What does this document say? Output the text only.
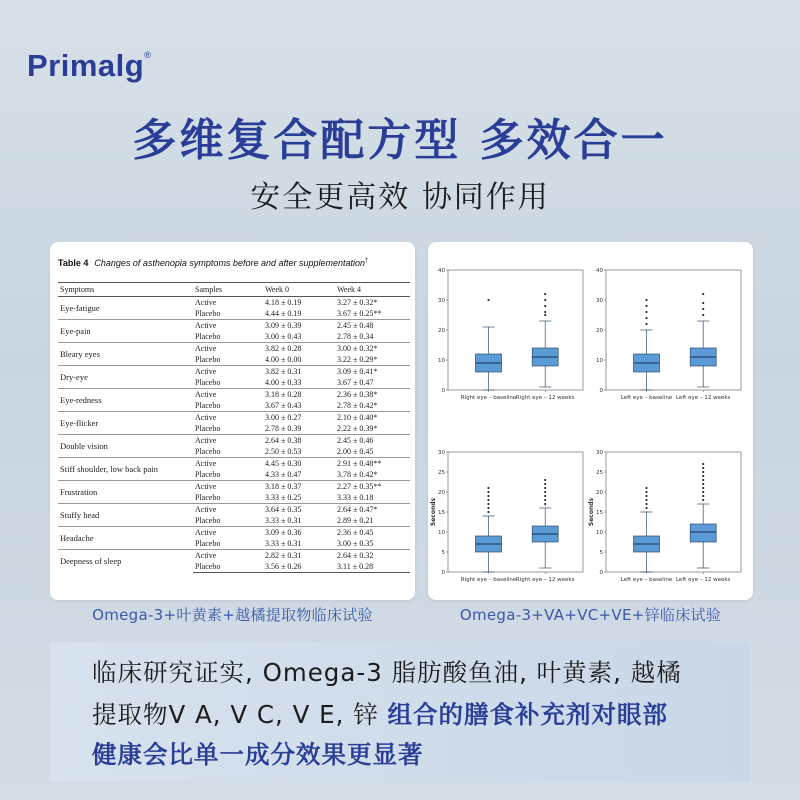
Primalg®
多维复合配方型 多效合一
安全更高效 协同作用
Table 4 Changes of asthenopia symptoms before and after supplementation†
Symptoms	Samples	Week 0	Week 4
Eye-fatigue	Active	4.18 ± 0.19	3.27 ± 0.32*
	Placebo	4.44 ± 0.19	3.67 ± 0.25**
Eye-pain	Active	3.09 ± 0.39	2.45 ± 0.48
	Placebo	3.00 ± 0.43	2.78 ± 0.34
Bleary eyes	Active	3.82 ± 0.28	3.00 ± 0.32*
	Placebo	4.00 ± 0.00	3.22 ± 0.29*
Dry-eye	Active	3.82 ± 0.31	3.09 ± 0.41*
	Placebo	4.00 ± 0.33	3.67 ± 0.47
Eye-redness	Active	3.18 ± 0.28	2.36 ± 0.38*
	Placebo	3.67 ± 0.43	2.78 ± 0.42*
Eye-flicker	Active	3.00 ± 0.27	2.10 ± 0.40*
	Placebo	2.78 ± 0.39	2.22 ± 0.39*
Double vision	Active	2.64 ± 0.38	2.45 ± 0.46
	Placebo	2.50 ± 0.53	2.00 ± 0.45
Stiff shoulder, low back pain	Active	4.45 ± 0.30	2.91 ± 0.48**
	Placebo	4.33 ± 0.47	3.78 ± 0.42*
Frustration	Active	3.18 ± 0.37	2.27 ± 0.35**
	Placebo	3.33 ± 0.25	3.33 ± 0.18
Stuffy head	Active	3.64 ± 0.35	2.64 ± 0.47*
	Placebo	3.33 ± 0.31	2.89 ± 0.21
Headache	Active	3.09 ± 0.36	2.36 ± 0.45
	Placebo	3.33 ± 0.31	3.00 ± 0.35
Deepness of sleep	Active	2.82 ± 0.31	2.64 ± 0.32
	Placebo	3.56 ± 0.26	3.11 ± 0.28
0
10
20
30
40
Right eye – baseline Right eye – 12 weeks
0
10
20
30
40
Left eye – baseline Left eye – 12 weeks
0
5
10
15
20
25
30
Seconds
Right eye – baseline Right eye – 12 weeks
0
5
10
15
20
25
30
Seconds
Left eye – baseline Left eye – 12 weeks
Omega-3+叶黄素+越橘提取物临床试验	Omega-3+VA+VC+VE+锌临床试验
临床研究证实, Omega-3 脂肪酸鱼油, 叶黄素, 越橘
提取物V A, V C, V E, 锌 组合的膳食补充剂对眼部
健康会比单一成分效果更显著
